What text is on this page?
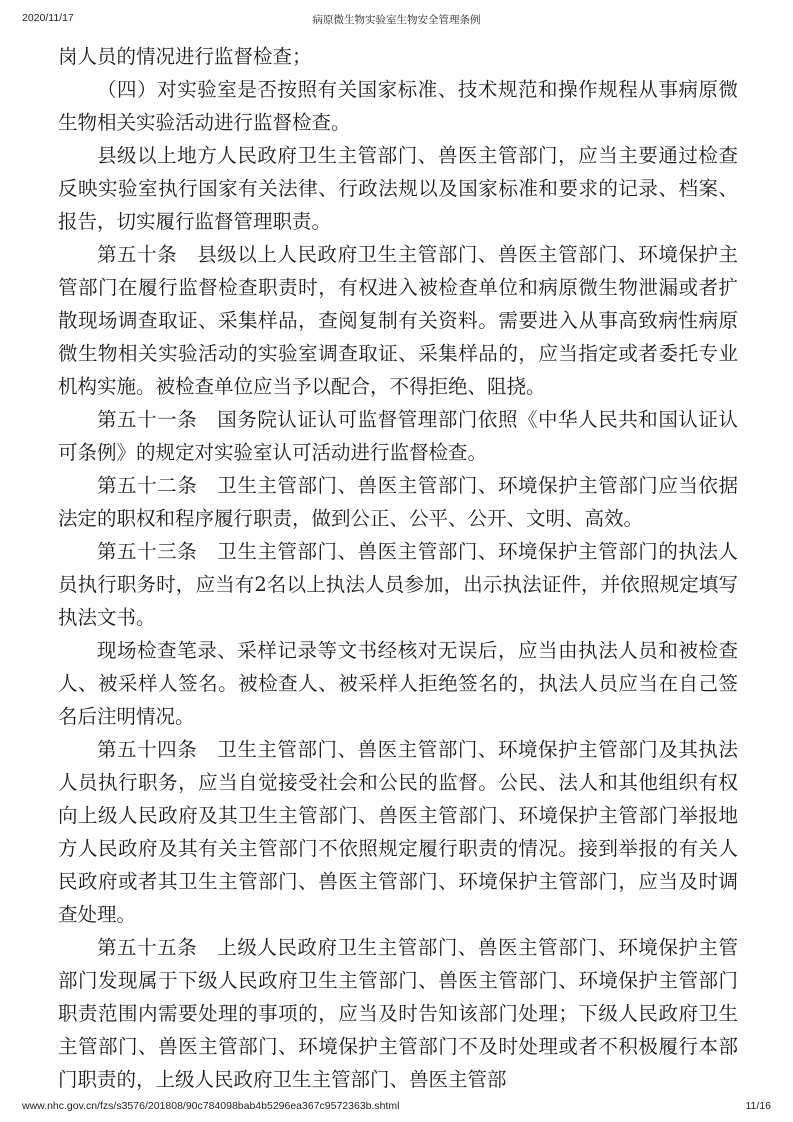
2020/11/17	病原微生物实验室生物安全管理条例

岗人员的情况进行监督检查；

（四）对实验室是否按照有关国家标准、技术规范和操作规程从事病原微生物相关实验活动进行监督检查。

县级以上地方人民政府卫生主管部门、兽医主管部门，应当主要通过检查反映实验室执行国家有关法律、行政法规以及国家标准和要求的记录、档案、报告，切实履行监督管理职责。

第五十条　县级以上人民政府卫生主管部门、兽医主管部门、环境保护主管部门在履行监督检查职责时，有权进入被检查单位和病原微生物泄漏或者扩散现场调查取证、采集样品，查阅复制有关资料。需要进入从事高致病性病原微生物相关实验活动的实验室调查取证、采集样品的，应当指定或者委托专业机构实施。被检查单位应当予以配合，不得拒绝、阻挠。

第五十一条　国务院认证认可监督管理部门依照《中华人民共和国认证认可条例》的规定对实验室认可活动进行监督检查。

第五十二条　卫生主管部门、兽医主管部门、环境保护主管部门应当依据法定的职权和程序履行职责，做到公正、公平、公开、文明、高效。

第五十三条　卫生主管部门、兽医主管部门、环境保护主管部门的执法人员执行职务时，应当有2名以上执法人员参加，出示执法证件，并依照规定填写执法文书。

现场检查笔录、采样记录等文书经核对无误后，应当由执法人员和被检查人、被采样人签名。被检查人、被采样人拒绝签名的，执法人员应当在自己签名后注明情况。

第五十四条　卫生主管部门、兽医主管部门、环境保护主管部门及其执法人员执行职务，应当自觉接受社会和公民的监督。公民、法人和其他组织有权向上级人民政府及其卫生主管部门、兽医主管部门、环境保护主管部门举报地方人民政府及其有关主管部门不依照规定履行职责的情况。接到举报的有关人民政府或者其卫生主管部门、兽医主管部门、环境保护主管部门，应当及时调查处理。

第五十五条　上级人民政府卫生主管部门、兽医主管部门、环境保护主管部门发现属于下级人民政府卫生主管部门、兽医主管部门、环境保护主管部门职责范围内需要处理的事项的，应当及时告知该部门处理；下级人民政府卫生主管部门、兽医主管部门、环境保护主管部门不及时处理或者不积极履行本部门职责的，上级人民政府卫生主管部门、兽医主管部

www.nhc.gov.cn/fzs/s3576/201808/90c784098bab4b5296ea367c9572363b.shtml	11/16
